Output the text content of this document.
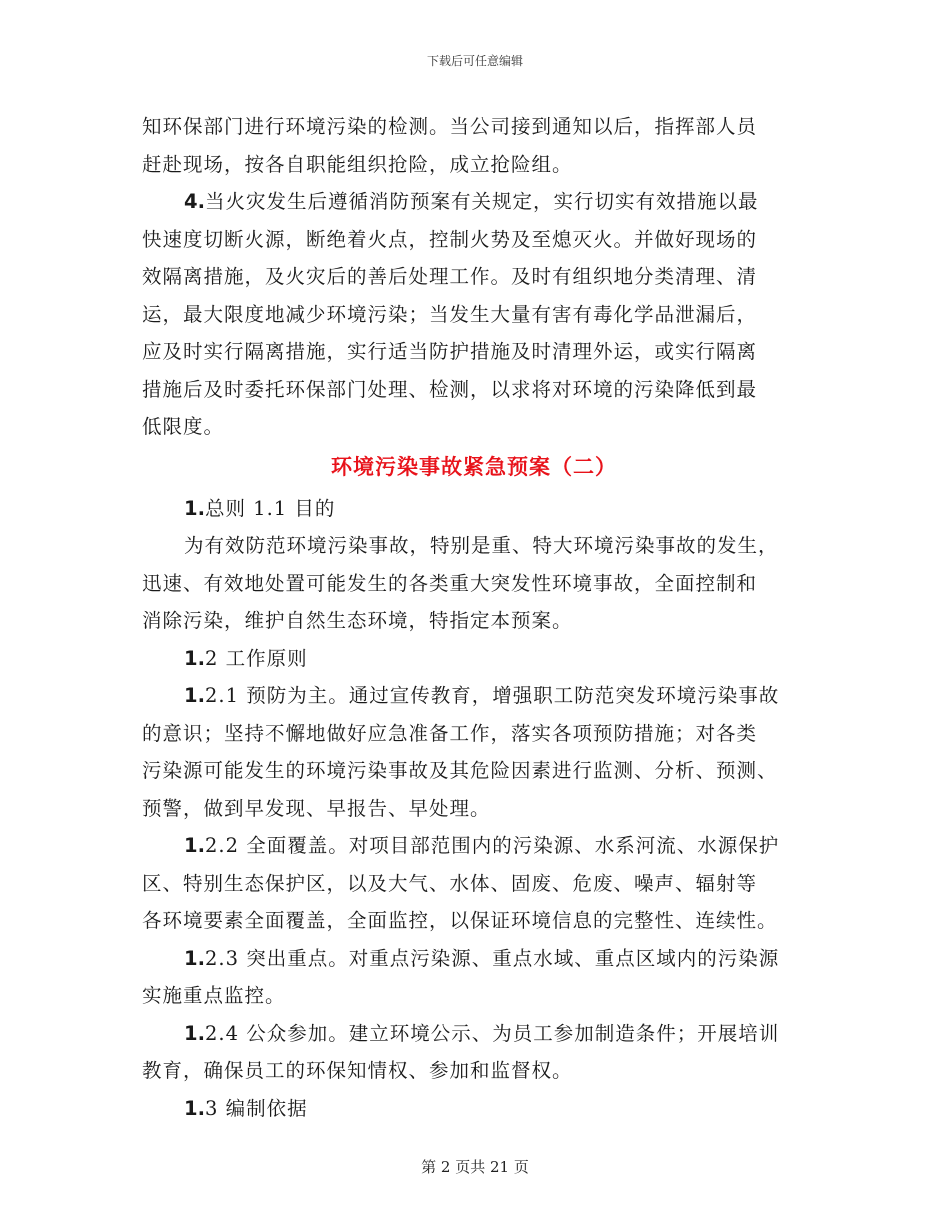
下载后可任意编辑
知环保部门进行环境污染的检测。当公司接到通知以后，指挥部人员
赶赴现场，按各自职能组织抢险，成立抢险组。
4.当火灾发生后遵循消防预案有关规定，实行切实有效措施以最
快速度切断火源，断绝着火点，控制火势及至熄灭火。并做好现场的
效隔离措施，及火灾后的善后处理工作。及时有组织地分类清理、清
运，最大限度地减少环境污染；当发生大量有害有毒化学品泄漏后，
应及时实行隔离措施，实行适当防护措施及时清理外运，或实行隔离
措施后及时委托环保部门处理、检测，以求将对环境的污染降低到最
低限度。
环境污染事故紧急预案（二）
1.总则 1.1 目的
为有效防范环境污染事故，特别是重、特大环境污染事故的发生，
迅速、有效地处置可能发生的各类重大突发性环境事故，全面控制和
消除污染，维护自然生态环境，特指定本预案。
1.2 工作原则
1.2.1 预防为主。通过宣传教育，增强职工防范突发环境污染事故
的意识；坚持不懈地做好应急准备工作，落实各项预防措施；对各类
污染源可能发生的环境污染事故及其危险因素进行监测、分析、预测、
预警，做到早发现、早报告、早处理。
1.2.2 全面覆盖。对项目部范围内的污染源、水系河流、水源保护
区、特别生态保护区，以及大气、水体、固废、危废、噪声、辐射等
各环境要素全面覆盖，全面监控，以保证环境信息的完整性、连续性。
1.2.3 突出重点。对重点污染源、重点水域、重点区域内的污染源
实施重点监控。
1.2.4 公众参加。建立环境公示、为员工参加制造条件；开展培训
教育，确保员工的环保知情权、参加和监督权。
1.3 编制依据
第 2 页共 21 页
